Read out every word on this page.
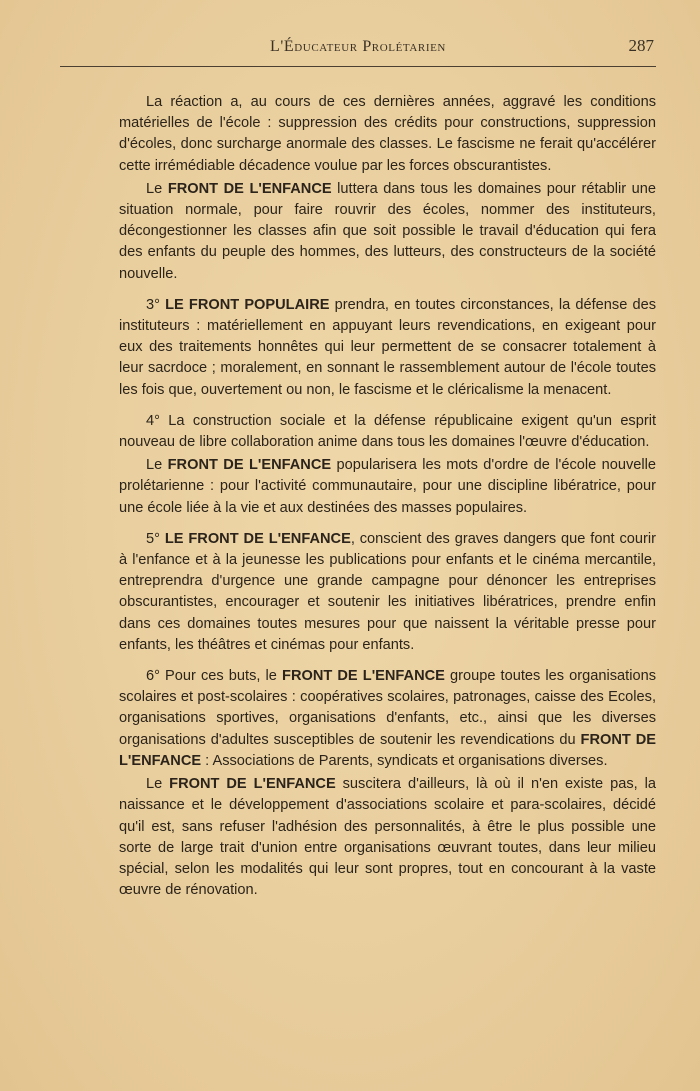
L'Éducateur Prolétarien	287

La réaction a, au cours de ces dernières années, aggravé les conditions matérielles de l'école : suppression des crédits pour constructions, suppression d'écoles, donc surcharge anormale des classes. Le fascisme ne ferait qu'accélérer cette irrémédiable décadence voulue par les forces obscurantistes.

Le FRONT DE L'ENFANCE luttera dans tous les domaines pour rétablir une situation normale, pour faire rouvrir des écoles, nommer des instituteurs, décongestionner les classes afin que soit possible le travail d'éducation qui fera des enfants du peuple des hommes, des lutteurs, des constructeurs de la société nouvelle.

3° LE FRONT POPULAIRE prendra, en toutes circonstances, la défense des instituteurs : matériellement en appuyant leurs revendications, en exigeant pour eux des traitements honnêtes qui leur permettent de se consacrer totalement à leur sacrdoce ; moralement, en sonnant le rassemblement autour de l'école toutes les fois que, ouvertement ou non, le fascisme et le cléricalisme la menacent.

4° La construction sociale et la défense républicaine exigent qu'un esprit nouveau de libre collaboration anime dans tous les domaines l'œuvre d'éducation.

Le FRONT DE L'ENFANCE popularisera les mots d'ordre de l'école nouvelle prolétarienne : pour l'activité communautaire, pour une discipline libératrice, pour une école liée à la vie et aux destinées des masses populaires.

5° LE FRONT DE L'ENFANCE, conscient des graves dangers que font courir à l'enfance et à la jeunesse les publications pour enfants et le cinéma mercantile, entreprendra d'urgence une grande campagne pour dénoncer les entreprises obscurantistes, encourager et soutenir les initiatives libératrices, prendre enfin dans ces domaines toutes mesures pour que naissent la véritable presse pour enfants, les théâtres et cinémas pour enfants.

6° Pour ces buts, le FRONT DE L'ENFANCE groupe toutes les organisations scolaires et post-scolaires : coopératives scolaires, patronages, caisse des Ecoles, organisations sportives, organisations d'enfants, etc., ainsi que les diverses organisations d'adultes susceptibles de soutenir les revendications du FRONT DE L'ENFANCE : Associations de Parents, syndicats et organisations diverses.

Le FRONT DE L'ENFANCE suscitera d'ailleurs, là où il n'en existe pas, la naissance et le développement d'associations scolaire et para-scolaires, décidé qu'il est, sans refuser l'adhésion des personnalités, à être le plus possible une sorte de large trait d'union entre organisations œuvrant toutes, dans leur milieu spécial, selon les modalités qui leur sont propres, tout en concourant à la vaste œuvre de rénovation.
